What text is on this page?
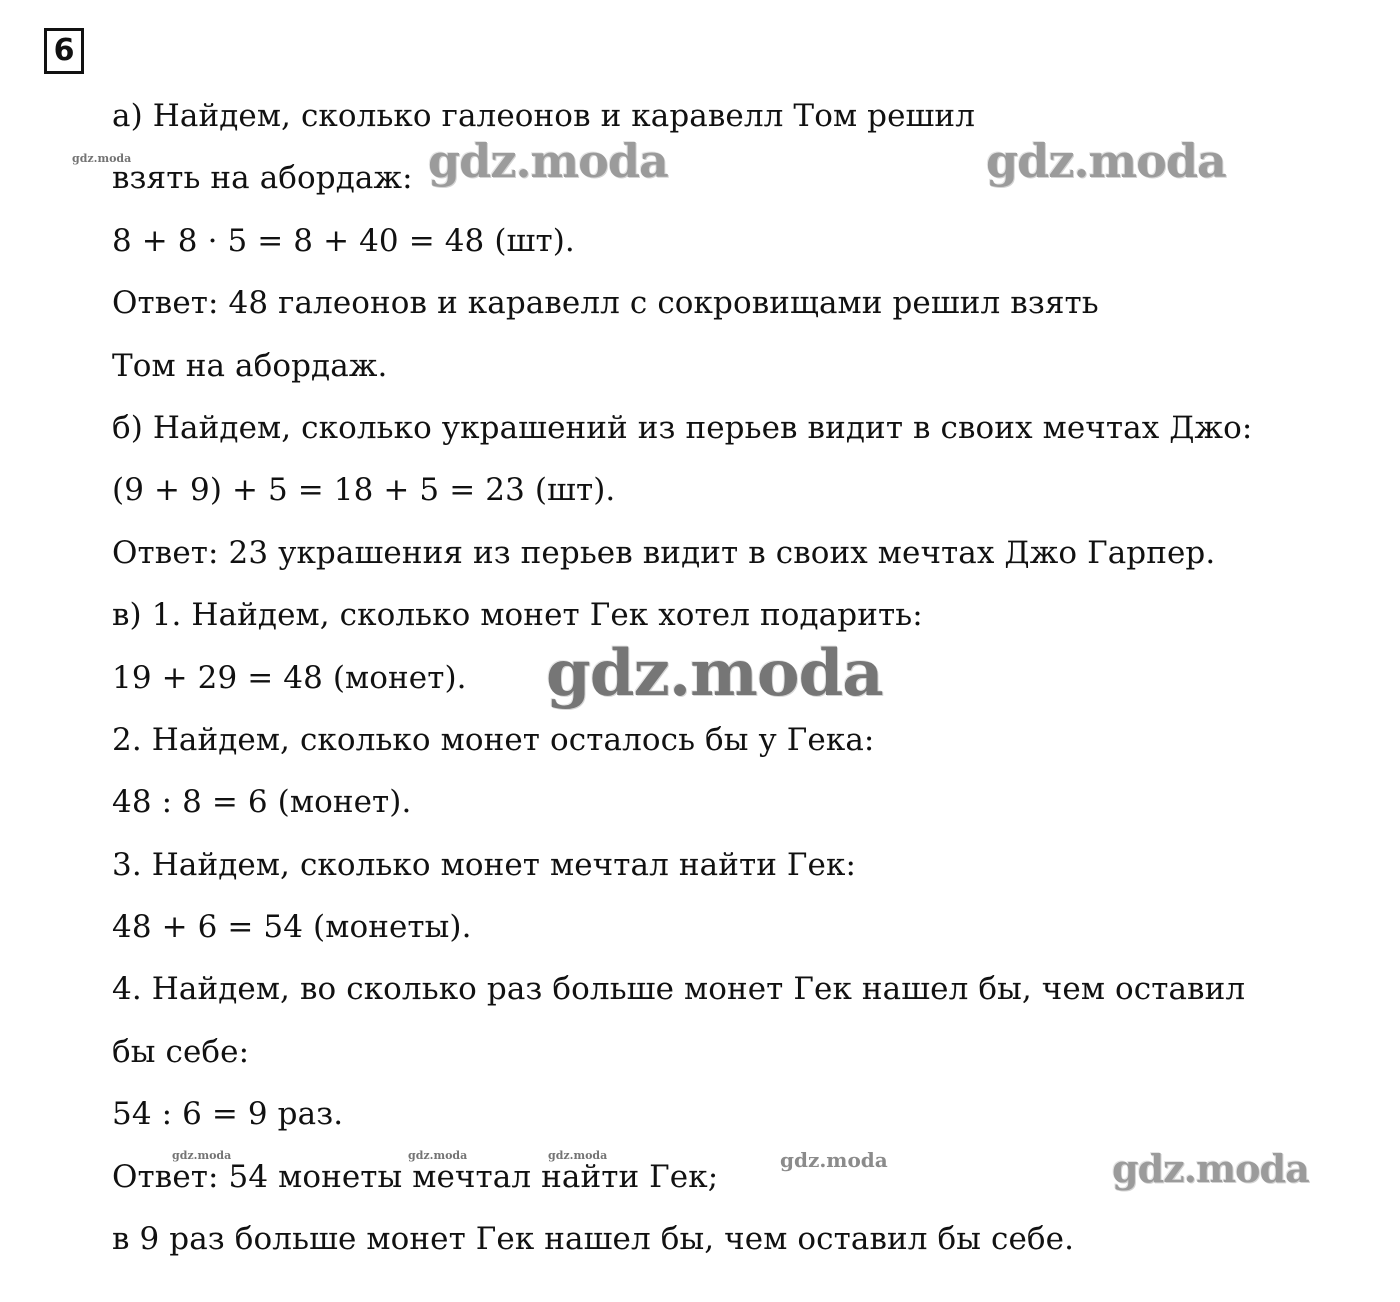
6
а) Найдем, сколько галеонов и каравелл Том решил
взять на абордаж:
8 + 8 · 5 = 8 + 40 = 48 (шт).
Ответ: 48 галеонов и каравелл с сокровищами решил взять
Том на абордаж.
б) Найдем, сколько украшений из перьев видит в своих мечтах Джо:
(9 + 9) + 5 = 18 + 5 = 23 (шт).
Ответ: 23 украшения из перьев видит в своих мечтах Джо Гарпер.
в) 1. Найдем, сколько монет Гек хотел подарить:
19 + 29 = 48 (монет).
2. Найдем, сколько монет осталось бы у Гека:
48 : 8 = 6 (монет).
3. Найдем, сколько монет мечтал найти Гек:
48 + 6 = 54 (монеты).
4. Найдем, во сколько раз больше монет Гек нашел бы, чем оставил
бы себе:
54 : 6 = 9 раз.
Ответ: 54 монеты мечтал найти Гек;
в 9 раз больше монет Гек нашел бы, чем оставил бы себе.
gdz.moda	gdz.moda	gdz.moda
gdz.moda
gdz.moda	gdz.moda	gdz.moda	gdz.moda	gdz.moda
